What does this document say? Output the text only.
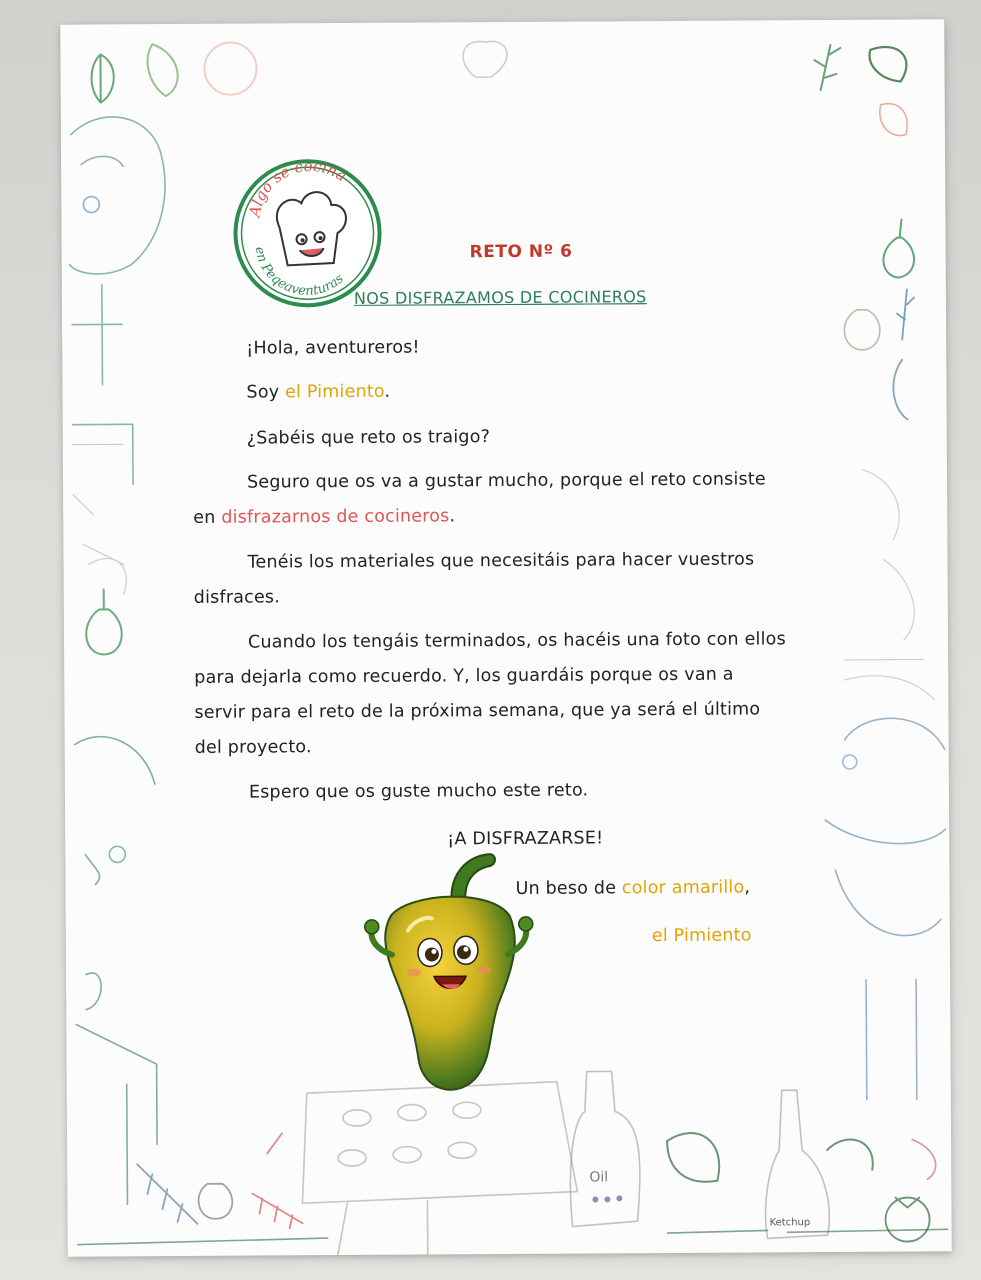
Oil
Ketchup
Algo se cocina
en Peqeaventuras
RETO Nº 6
NOS DISFRAZAMOS DE COCINEROS
¡Hola, aventureros!
Soy el Pimiento.
¿Sabéis que reto os traigo?
Seguro que os va a gustar mucho, porque el reto consiste
en disfrazarnos de cocineros.
Tenéis los materiales que necesitáis para hacer vuestros
disfraces.
Cuando los tengáis terminados, os hacéis una foto con ellos
para dejarla como recuerdo. Y, los guardáis porque os van a
servir para el reto de la próxima semana, que ya será el último
del proyecto.
Espero que os guste mucho este reto.
¡A DISFRAZARSE!
Un beso de color amarillo,
el Pimiento
